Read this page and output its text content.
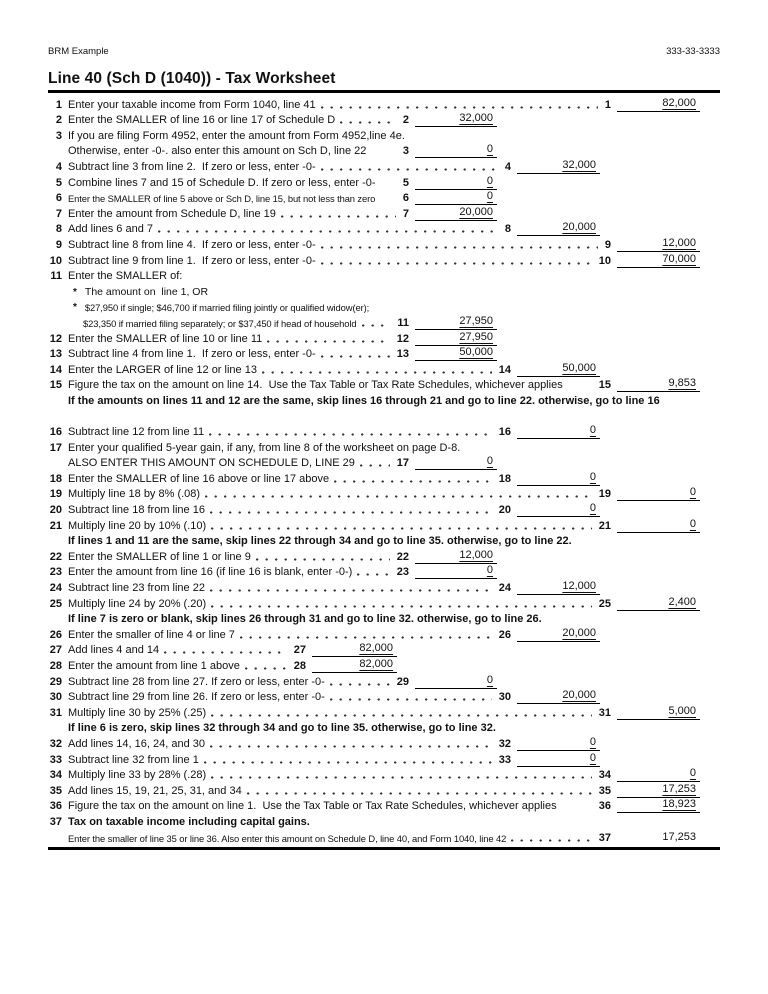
BRM Example	333-33-3333
Line 40 (Sch D (1040)) - Tax Worksheet
1 Enter your taxable income from Form 1040, line 41	1	82,000
2 Enter the SMALLER of line 16 or line 17 of Schedule D	2	32,000
3 If you are filing Form 4952, enter the amount from Form 4952,line 4e.
Otherwise, enter -0-. also enter this amount on Sch D, line 22	3	0
4 Subtract line 3 from line 2.  If zero or less, enter -0-	4	32,000
5 Combine lines 7 and 15 of Schedule D. If zero or less, enter -0- 5	0
6 Enter the SMALLER of line 5 above or Sch D, line 15, but not less than zero	6	0
7 Enter the amount from Schedule D, line 19	7	20,000
8 Add lines 6 and 7	8	20,000
9 Subtract line 8 from line 4.  If zero or less, enter -0-	9	12,000
10 Subtract line 9 from line 1.  If zero or less, enter -0-	10	70,000
11 Enter the SMALLER of:
* The amount on  line 1, OR
* $27,950 if single; $46,700 if married filing jointly or qualified widow(er);
$23,350 if married filing separately; or $37,450 if head of household	11	27,950
12 Enter the SMALLER of line 10 or line 11	12	27,950
13 Subtract line 4 from line 1.  If zero or less, enter -0-	13	50,000
14 Enter the LARGER of line 12 or line 13	14	50,000
15 Figure the tax on the amount on line 14.  Use the Tax Table or Tax Rate Schedules, whichever applies	15	9,853
If the amounts on lines 11 and 12 are the same, skip lines 16 through 21 and go to line 22. otherwise, go to line 16
16 Subtract line 12 from line 11	16	0
17 Enter your qualified 5-year gain, if any, from line 8 of the worksheet on page D-8.
ALSO ENTER THIS AMOUNT ON SCHEDULE D, LINE 29	17	0
18 Enter the SMALLER of line 16 above or line 17 above	18	0
19 Multiply line 18 by 8% (.08)	19	0
20 Subtract line 18 from line 16	20	0
21 Multiply line 20 by 10% (.10)	21	0
If lines 1 and 11 are the same, skip lines 22 through 34 and go to line 35. otherwise, go to line 22.
22 Enter the SMALLER of line 1 or line 9	22	12,000
23 Enter the amount from line 16 (if line 16 is blank, enter -0-)	23	0
24 Subtract line 23 from line 22	24	12,000
25 Multiply line 24 by 20% (.20)	25	2,400
If line 7 is zero or blank, skip lines 26 through 31 and go to line 32. otherwise, go to line 26.
26 Enter the smaller of line 4 or line 7	26	20,000
27 Add lines 4 and 14	27	82,000
28 Enter the amount from line 1 above	28	82,000
29 Subtract line 28 from line 27. If zero or less, enter -0-	29	0
30 Subtract line 29 from line 26. If zero or less, enter -0-	30	20,000
31 Multiply line 30 by 25% (.25)	31	5,000
If line 6 is zero, skip lines 32 through 34 and go to line 35. otherwise, go to line 32.
32 Add lines 14, 16, 24, and 30	32	0
33 Subtract line 32 from line 1	33	0
34 Multiply line 33 by 28% (.28)	34	0
35 Add lines 15, 19, 21, 25, 31, and 34	35	17,253
36 Figure the tax on the amount on line 1.  Use the Tax Table or Tax Rate Schedules, whichever applies	36	18,923
37 Tax on taxable income including capital gains.
Enter the smaller of line 35 or line 36. Also enter this amount on Schedule D, line 40, and Form 1040, line 42	37	17,253
